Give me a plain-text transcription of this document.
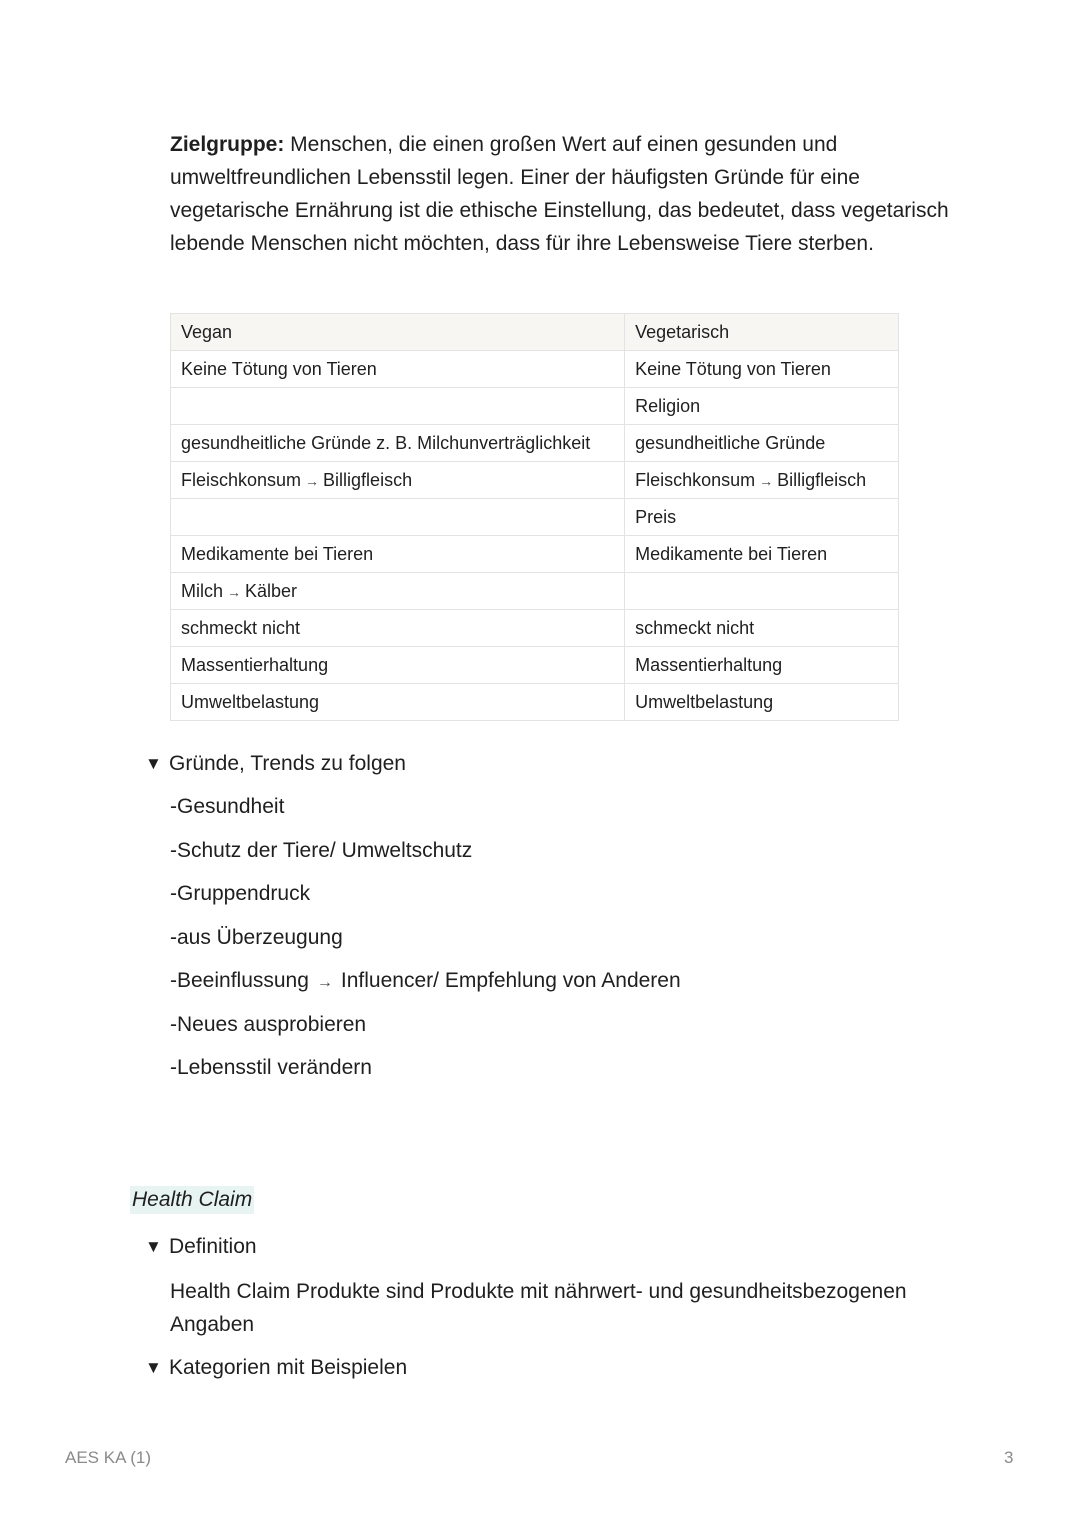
Zielgruppe: Menschen, die einen großen Wert auf einen gesunden und umweltfreundlichen Lebensstil legen. Einer der häufigsten Gründe für eine vegetarische Ernährung ist die ethische Einstellung, das bedeutet, dass vegetarisch lebende Menschen nicht möchten, dass für ihre Lebensweise Tiere sterben.

Vegan	Vegetarisch
Keine Tötung von Tieren	Keine Tötung von Tieren
	Religion
gesundheitliche Gründe z. B. Milchunverträglichkeit	gesundheitliche Gründe
Fleischkonsum → Billigfleisch	Fleischkonsum → Billigfleisch
	Preis
Medikamente bei Tieren	Medikamente bei Tieren
Milch → Kälber	
schmeckt nicht	schmeckt nicht
Massentierhaltung	Massentierhaltung
Umweltbelastung	Umweltbelastung
▼ Gründe, Trends zu folgen

-Gesundheit

-Schutz der Tiere/ Umweltschutz

-Gruppendruck

-aus Überzeugung

-Beeinflussung → Influencer/ Empfehlung von Anderen

-Neues ausprobieren

-Lebensstil verändern

Health Claim
▼ Definition

Health Claim Produkte sind Produkte mit nährwert- und gesundheitsbezogenen Angaben

▼ Kategorien mit Beispielen
AES KA (1)	3
